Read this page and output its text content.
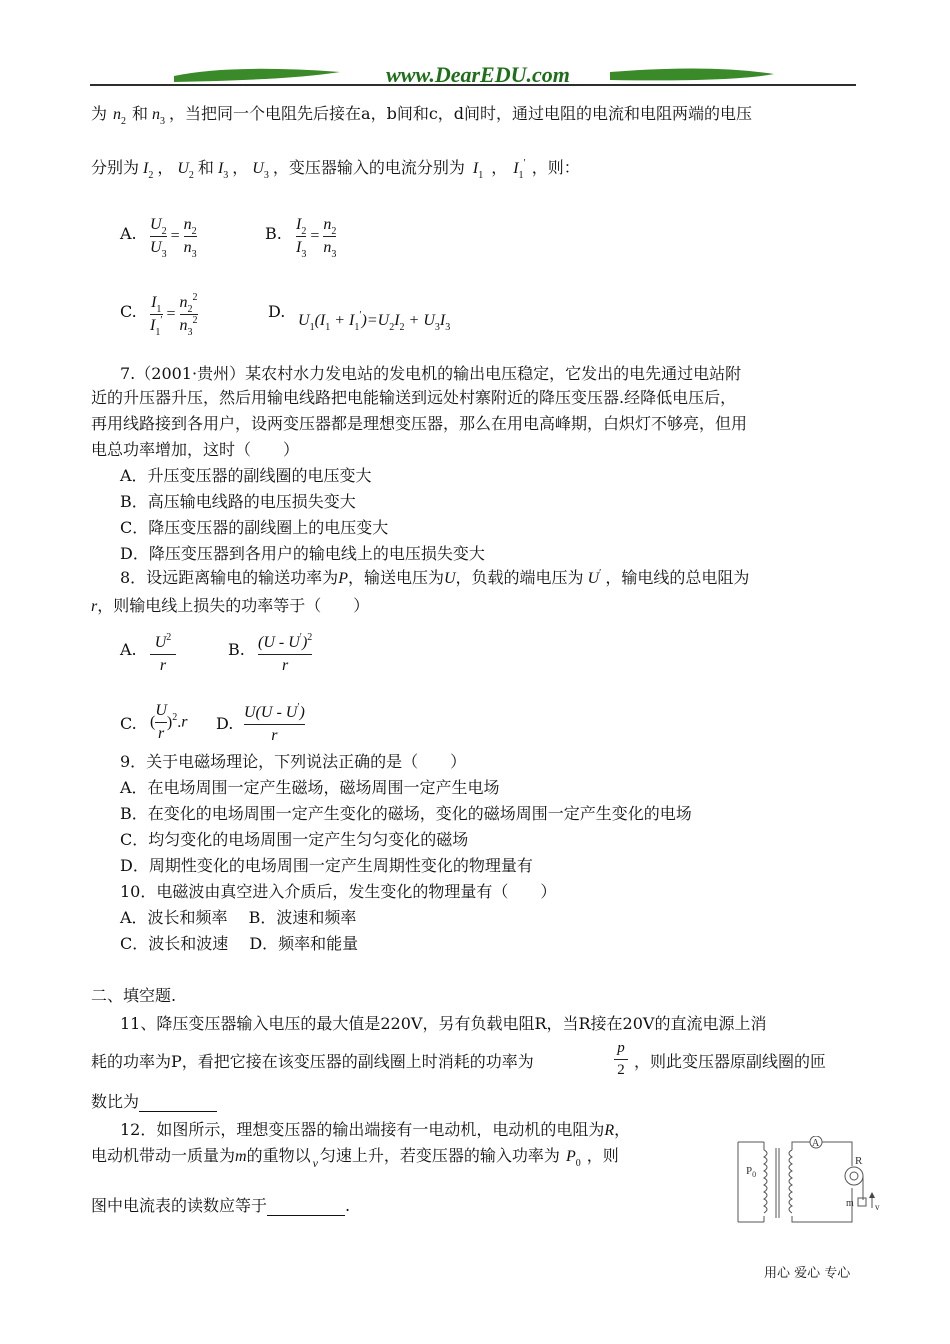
www.DearEDU.com
为 $n_2$ 和 $n_3$ ，当把同一个电阻先后接在a，b间和c，d间时，通过电阻的电流和电阻两端的电压
分别为 $I_2$ ， $U_2$ 和 $I_3$ ， $U_3$ ，变压器输入的电流分别为 $I_1$ ， $I_1'$ ，则：
A. $\frac{U_2}{U_3} = \frac{n_2}{n_3}$	B. $\frac{I_2}{I_3} = \frac{n_2}{n_3}$
C. $\frac{I_1}{I_1'} = \frac{n_2^2}{n_3^2}$	D. $U_1(I_1 + I_1')=U_2I_2 + U_3I_3$
7.（2001·贵州）某农村水力发电站的发电机的输出电压稳定，它发出的电先通过电站附
近的升压器升压，然后用输电线路把电能输送到远处村寨附近的降压变压器.经降低电压后，
再用线路接到各用户，设两变压器都是理想变压器，那么在用电高峰期，白炽灯不够亮，但用
电总功率增加，这时（　　）
A．升压变压器的副线圈的电压变大
B．高压输电线路的电压损失变大
C．降压变压器的副线圈上的电压变大
D．降压变压器到各用户的输电线上的电压损失变大
8．设远距离输电的输送功率为P，输送电压为U，负载的端电压为 U′ ，输电线的总电阻为
r，则输电线上损失的功率等于（　　）
A. $U^2$
r
B. (U - U′)$^2$
r
C. ( $\frac{U}{r} )^2.r$ D.
U(U - U′)
r
9．关于电磁场理论，下列说法正确的是（　　）
A．在电场周围一定产生磁场，磁场周围一定产生电场
B．在变化的电场周围一定产生变化的磁场，变化的磁场周围一定产生变化的电场
C．均匀变化的电场周围一定产生匀匀变化的磁场
D．周期性变化的电场周围一定产生周期性变化的物理量有
10．电磁波由真空进入介质后，发生变化的物理量有（　　）
A．波长和频率　 B．波速和频率
C．波长和波速　 D．频率和能量
二、填空题.
11、降压变压器输入电压的最大值是220V，另有负载电阻R，当R接在20V的直流电源上消
耗的功率为P，看把它接在该变压器的副线圈上时消耗的功率为
p
2 ，则此变压器原副线圈的匝
数比为
12．如图所示，理想变压器的输出端接有一电动机，电动机的电阻为R，
电动机带动一质量为m的重物以 $_v$ 匀速上升，若变压器的输入功率为 $P_0$ ，则
图中电流表的读数应等于	.
$P_0$
A
R
m v
用心 爱心 专心
